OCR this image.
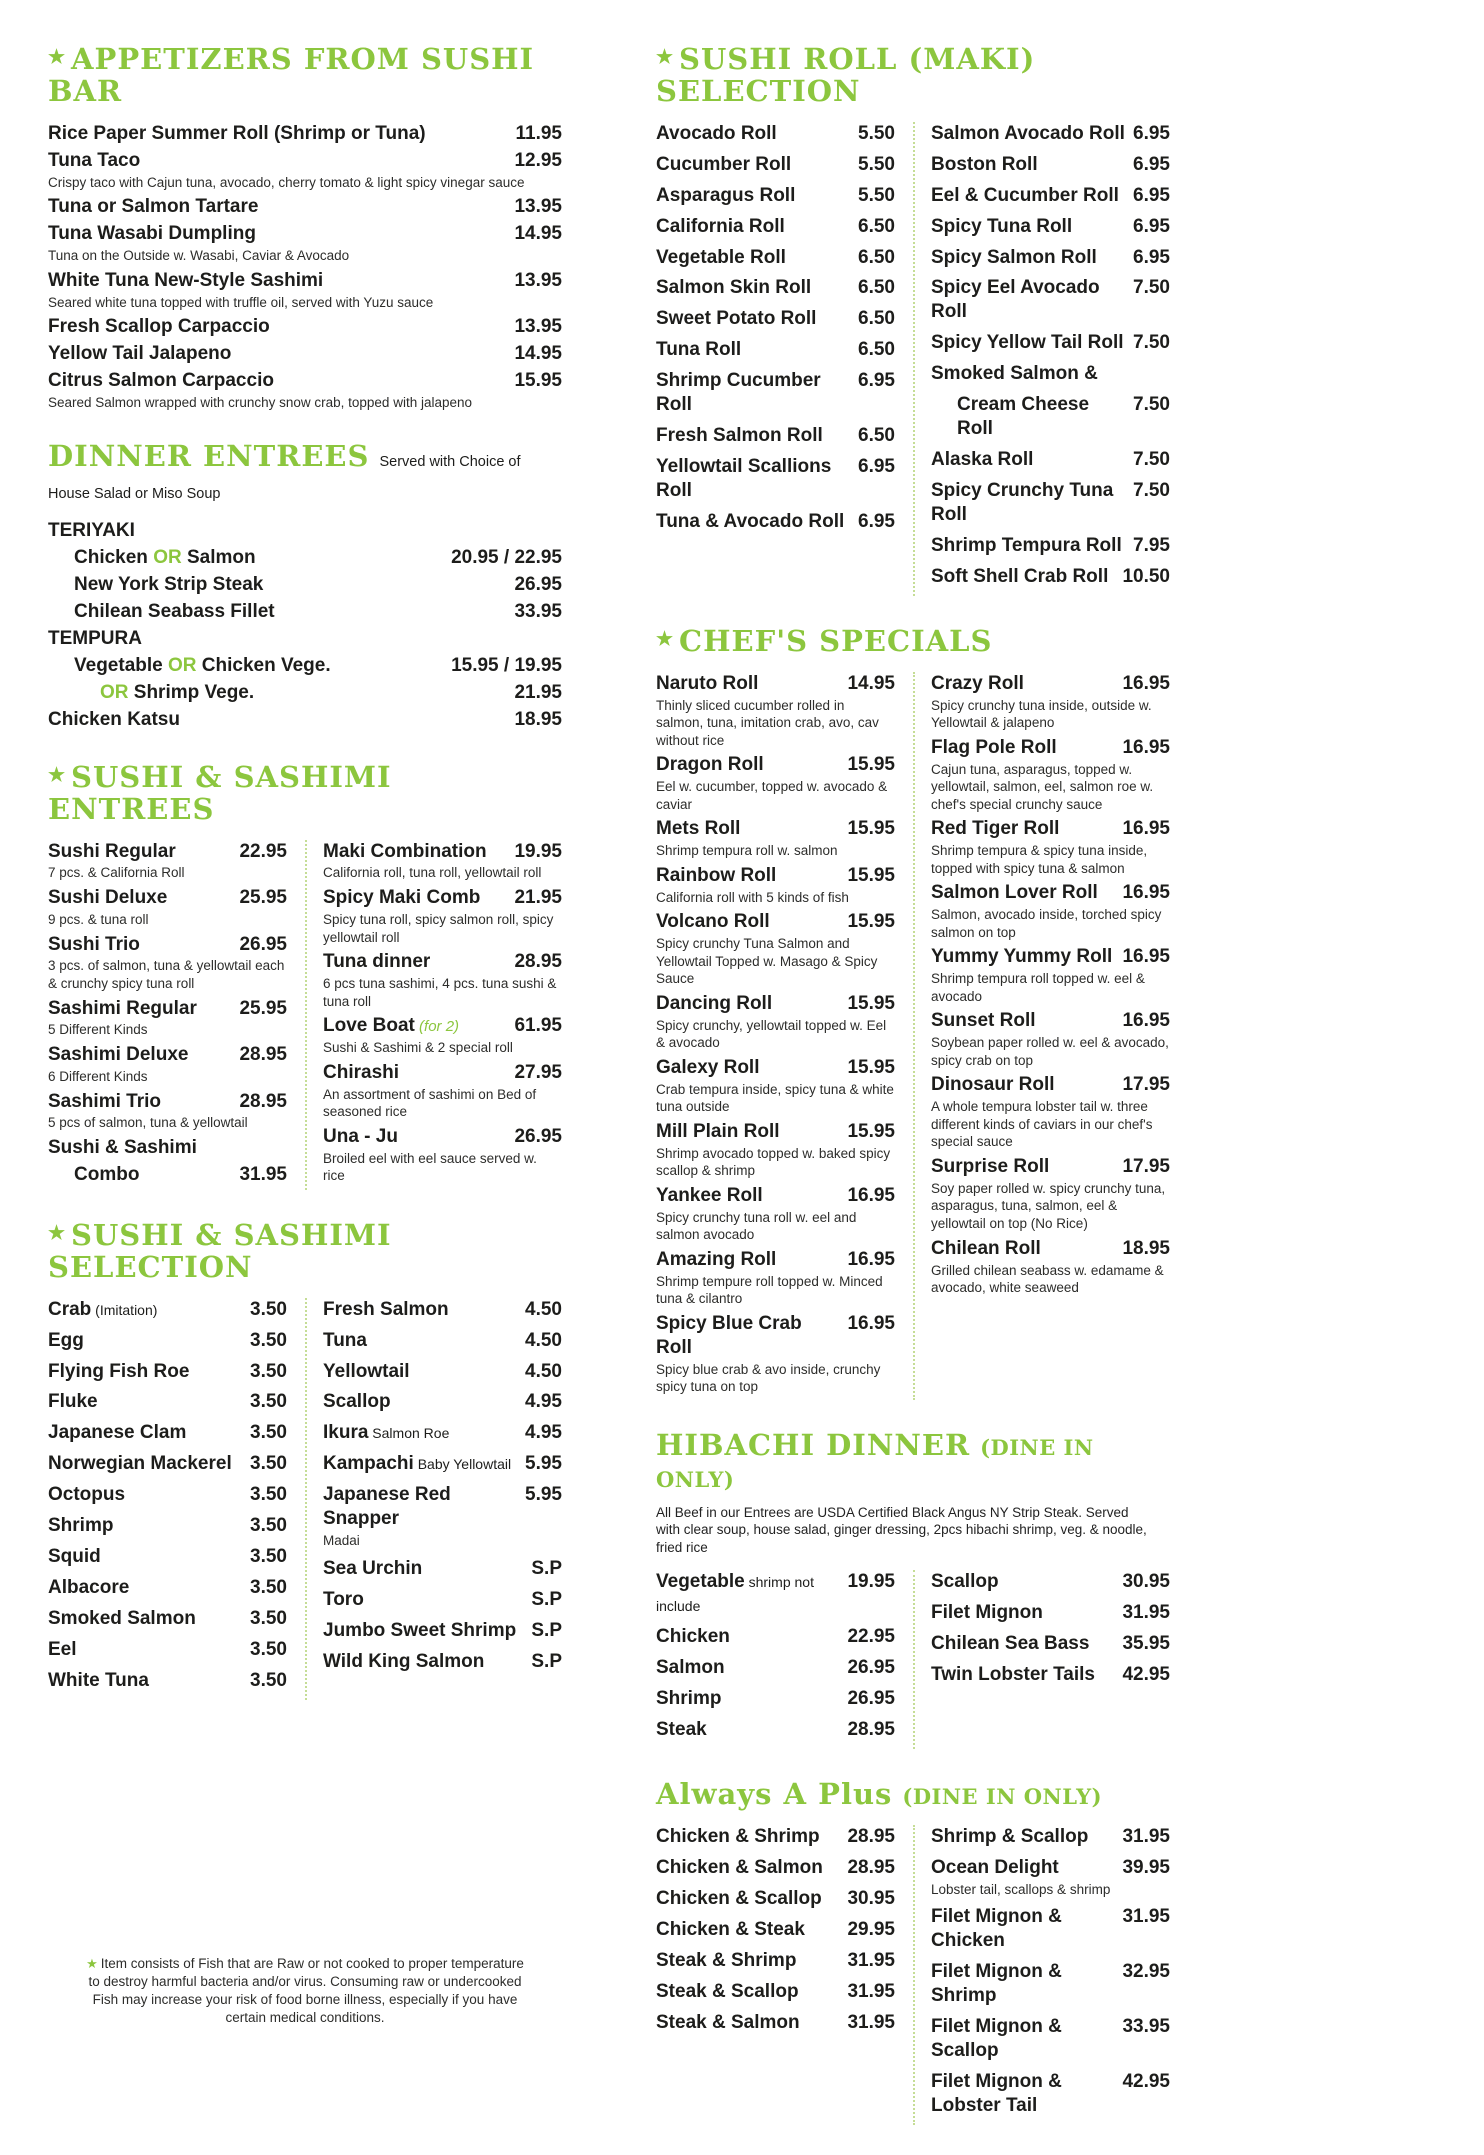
★ APPETIZERS FROM SUSHI BAR
Rice Paper Summer Roll (Shrimp or Tuna)	11.95
Tuna Taco	12.95
Crispy taco with Cajun tuna, avocado, cherry tomato & light spicy vinegar sauce
Tuna or Salmon Tartare	13.95
Tuna Wasabi Dumpling	14.95
Tuna on the Outside w. Wasabi, Caviar & Avocado
White Tuna New-Style Sashimi	13.95
Seared white tuna topped with truffle oil, served with Yuzu sauce
Fresh Scallop Carpaccio	13.95
Yellow Tail Jalapeno	14.95
Citrus Salmon Carpaccio	15.95
Seared Salmon wrapped with crunchy snow crab, topped with jalapeno
DINNER ENTREES Served with Choice of House Salad or Miso Soup
TERIYAKI
Chicken OR Salmon	20.95 / 22.95
New York Strip Steak	26.95
Chilean Seabass Fillet	33.95
TEMPURA
Vegetable OR Chicken Vege.	15.95 / 19.95
OR Shrimp Vege.	21.95
Chicken Katsu	18.95
★ SUSHI & SASHIMI ENTREES
Sushi Regular	22.95
7 pcs. & California Roll
Sushi Deluxe	25.95
9 pcs. & tuna roll
Sushi Trio	26.95
3 pcs. of salmon, tuna & yellowtail each & crunchy spicy tuna roll
Sashimi Regular	25.95
5 Different Kinds
Sashimi Deluxe	28.95
6 Different Kinds
Sashimi Trio	28.95
5 pcs of salmon, tuna & yellowtail
Sushi & Sashimi
Combo	31.95
Maki Combination	19.95
California roll, tuna roll, yellowtail roll
Spicy Maki Comb	21.95
Spicy tuna roll, spicy salmon roll, spicy yellowtail roll
Tuna dinner	28.95
6 pcs tuna sashimi, 4 pcs. tuna sushi & tuna roll
Love Boat (for 2)	61.95
Sushi & Sashimi & 2 special roll
Chirashi	27.95
An assortment of sashimi on Bed of seasoned rice
Una - Ju	26.95
Broiled eel with eel sauce served w. rice
★ SUSHI & SASHIMI SELECTION
Crab (Imitation)	3.50
Egg	3.50
Flying Fish Roe	3.50
Fluke	3.50
Japanese Clam	3.50
Norwegian Mackerel 3.50
Octopus	3.50
Shrimp	3.50
Squid	3.50
Albacore	3.50
Smoked Salmon	3.50
Eel	3.50
White Tuna	3.50
Fresh Salmon	4.50
Tuna	4.50
Yellowtail	4.50
Scallop	4.95
Ikura Salmon Roe	4.95
Kampachi Baby Yellowtail 5.95
Japanese Red Snapper
5.95
Madai
Sea Urchin	S.P
Toro	S.P
Jumbo Sweet Shrimp S.P
Wild King Salmon	S.P
★ Item consists of Fish that are Raw or not cooked to proper temperature to destroy harmful bacteria and/or virus. Consuming raw or undercooked Fish may increase your risk of food borne illness, especially if you have certain medical conditions.
★ SUSHI ROLL (MAKI) SELECTION
Avocado Roll	5.50
Cucumber Roll	5.50
Asparagus Roll	5.50
California Roll	6.50
Vegetable Roll	6.50
Salmon Skin Roll	6.50
Sweet Potato Roll	6.50
Tuna Roll	6.50
Shrimp Cucumber Roll
6.95
Fresh Salmon Roll	6.50
Yellowtail Scallions Roll
6.95
Tuna & Avocado Roll 6.95
Salmon Avocado Roll 6.95
Boston Roll	6.95
Eel & Cucumber Roll 6.95
Spicy Tuna Roll	6.95
Spicy Salmon Roll	6.95
Spicy Eel Avocado Roll
7.50
Spicy Yellow Tail Roll 7.50
Smoked Salmon &
Cream Cheese Roll
7.50
Alaska Roll	7.50
Spicy Crunchy Tuna Roll
7.50
Shrimp Tempura Roll 7.95
Soft Shell Crab Roll 10.50
★ CHEF'S SPECIALS
Naruto Roll	14.95
Thinly sliced cucumber rolled in salmon, tuna, imitation crab, avo, cav without rice
Dragon Roll	15.95
Eel w. cucumber, topped w. avocado & caviar
Mets Roll	15.95
Shrimp tempura roll w. salmon
Rainbow Roll	15.95
California roll with 5 kinds of fish
Volcano Roll	15.95
Spicy crunchy Tuna Salmon and Yellowtail Topped w. Masago & Spicy Sauce
Dancing Roll	15.95
Spicy crunchy, yellowtail topped w. Eel & avocado
Galexy Roll	15.95
Crab tempura inside, spicy tuna & white tuna outside
Mill Plain Roll	15.95
Shrimp avocado topped w. baked spicy scallop & shrimp
Yankee Roll	16.95
Spicy crunchy tuna roll w. eel and salmon avocado
Amazing Roll	16.95
Shrimp tempure roll topped w. Minced tuna & cilantro
Spicy Blue Crab Roll
16.95
Spicy blue crab & avo inside, crunchy spicy tuna on top
Crazy Roll	16.95
Spicy crunchy tuna inside, outside w. Yellowtail & jalapeno
Flag Pole Roll	16.95
Cajun tuna, asparagus, topped w. yellowtail, salmon, eel, salmon roe w. chef's special crunchy sauce
Red Tiger Roll	16.95
Shrimp tempura & spicy tuna inside, topped with spicy tuna & salmon
Salmon Lover Roll	16.95
Salmon, avocado inside, torched spicy salmon on top
Yummy Yummy Roll 16.95
Shrimp tempura roll topped w. eel & avocado
Sunset Roll	16.95
Soybean paper rolled w. eel & avocado, spicy crab on top
Dinosaur Roll	17.95
A whole tempura lobster tail w. three different kinds of caviars in our chef's special sauce
Surprise Roll	17.95
Soy paper rolled w. spicy crunchy tuna, asparagus, tuna, salmon, eel & yellowtail on top (No Rice)
Chilean Roll	18.95
Grilled chilean seabass w. edamame & avocado, white seaweed
HIBACHI DINNER (DINE IN ONLY)

All Beef in our Entrees are USDA Certified Black Angus NY Strip Steak. Served with clear soup, house salad, ginger dressing, 2pcs hibachi shrimp, veg. & noodle, fried rice

Vegetable shrimp not include
19.95
Chicken	22.95
Salmon	26.95
Shrimp	26.95
Steak	28.95
Scallop	30.95
Filet Mignon	31.95
Chilean Sea Bass	35.95
Twin Lobster Tails	42.95
Always A Plus (DINE IN ONLY)
Chicken & Shrimp	28.95
Chicken & Salmon	28.95
Chicken & Scallop	30.95
Chicken & Steak	29.95
Steak & Shrimp	31.95
Steak & Scallop	31.95
Steak & Salmon	31.95
Shrimp & Scallop	31.95
Ocean Delight	39.95
Lobster tail, scallops & shrimp
Filet Mignon & Chicken
31.95
Filet Mignon & Shrimp
32.95
Filet Mignon & Scallop
33.95
Filet Mignon & Lobster Tail
42.95
